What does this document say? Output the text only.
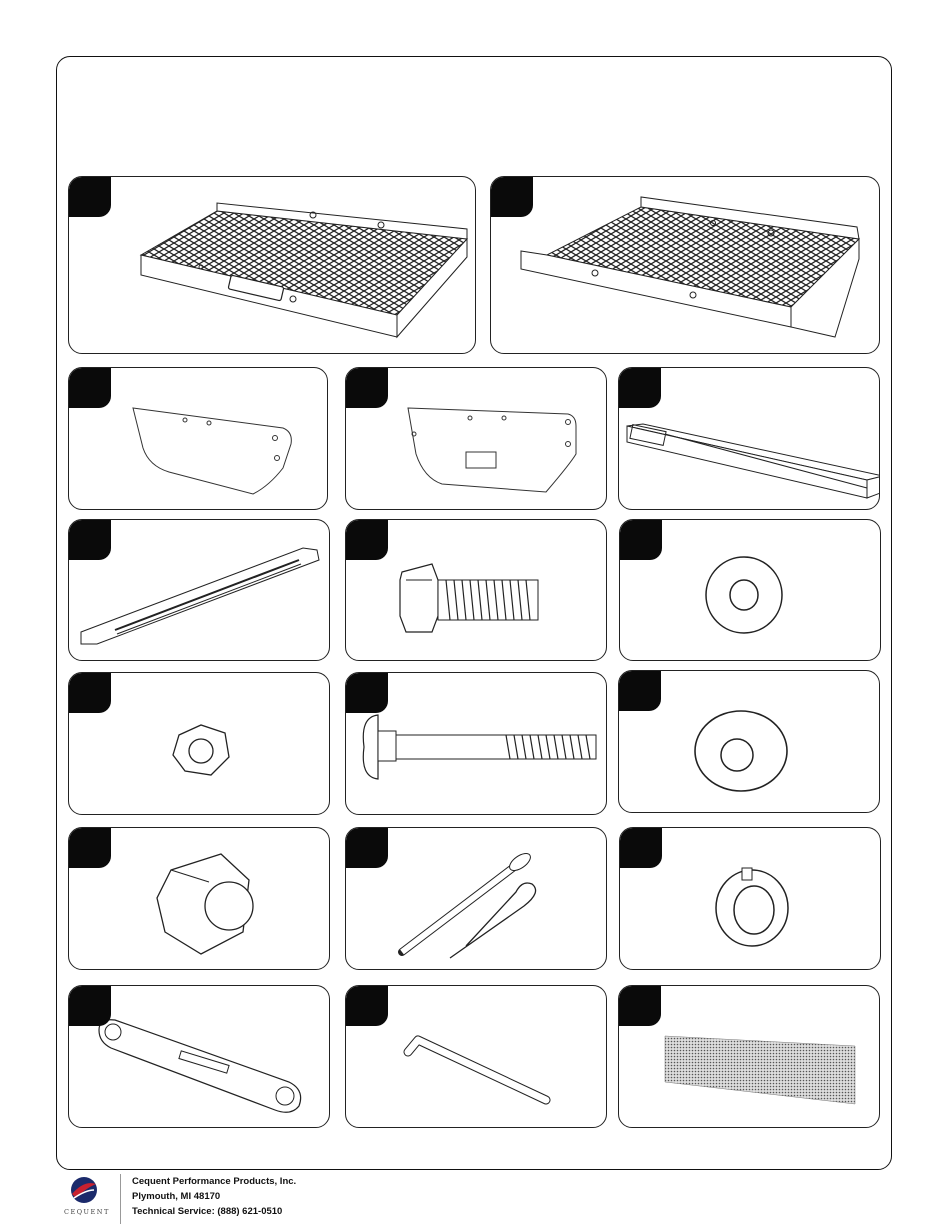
CEQUENT
Cequent Performance Products, Inc.
Plymouth, MI 48170
Technical Service: (888) 621-0510
